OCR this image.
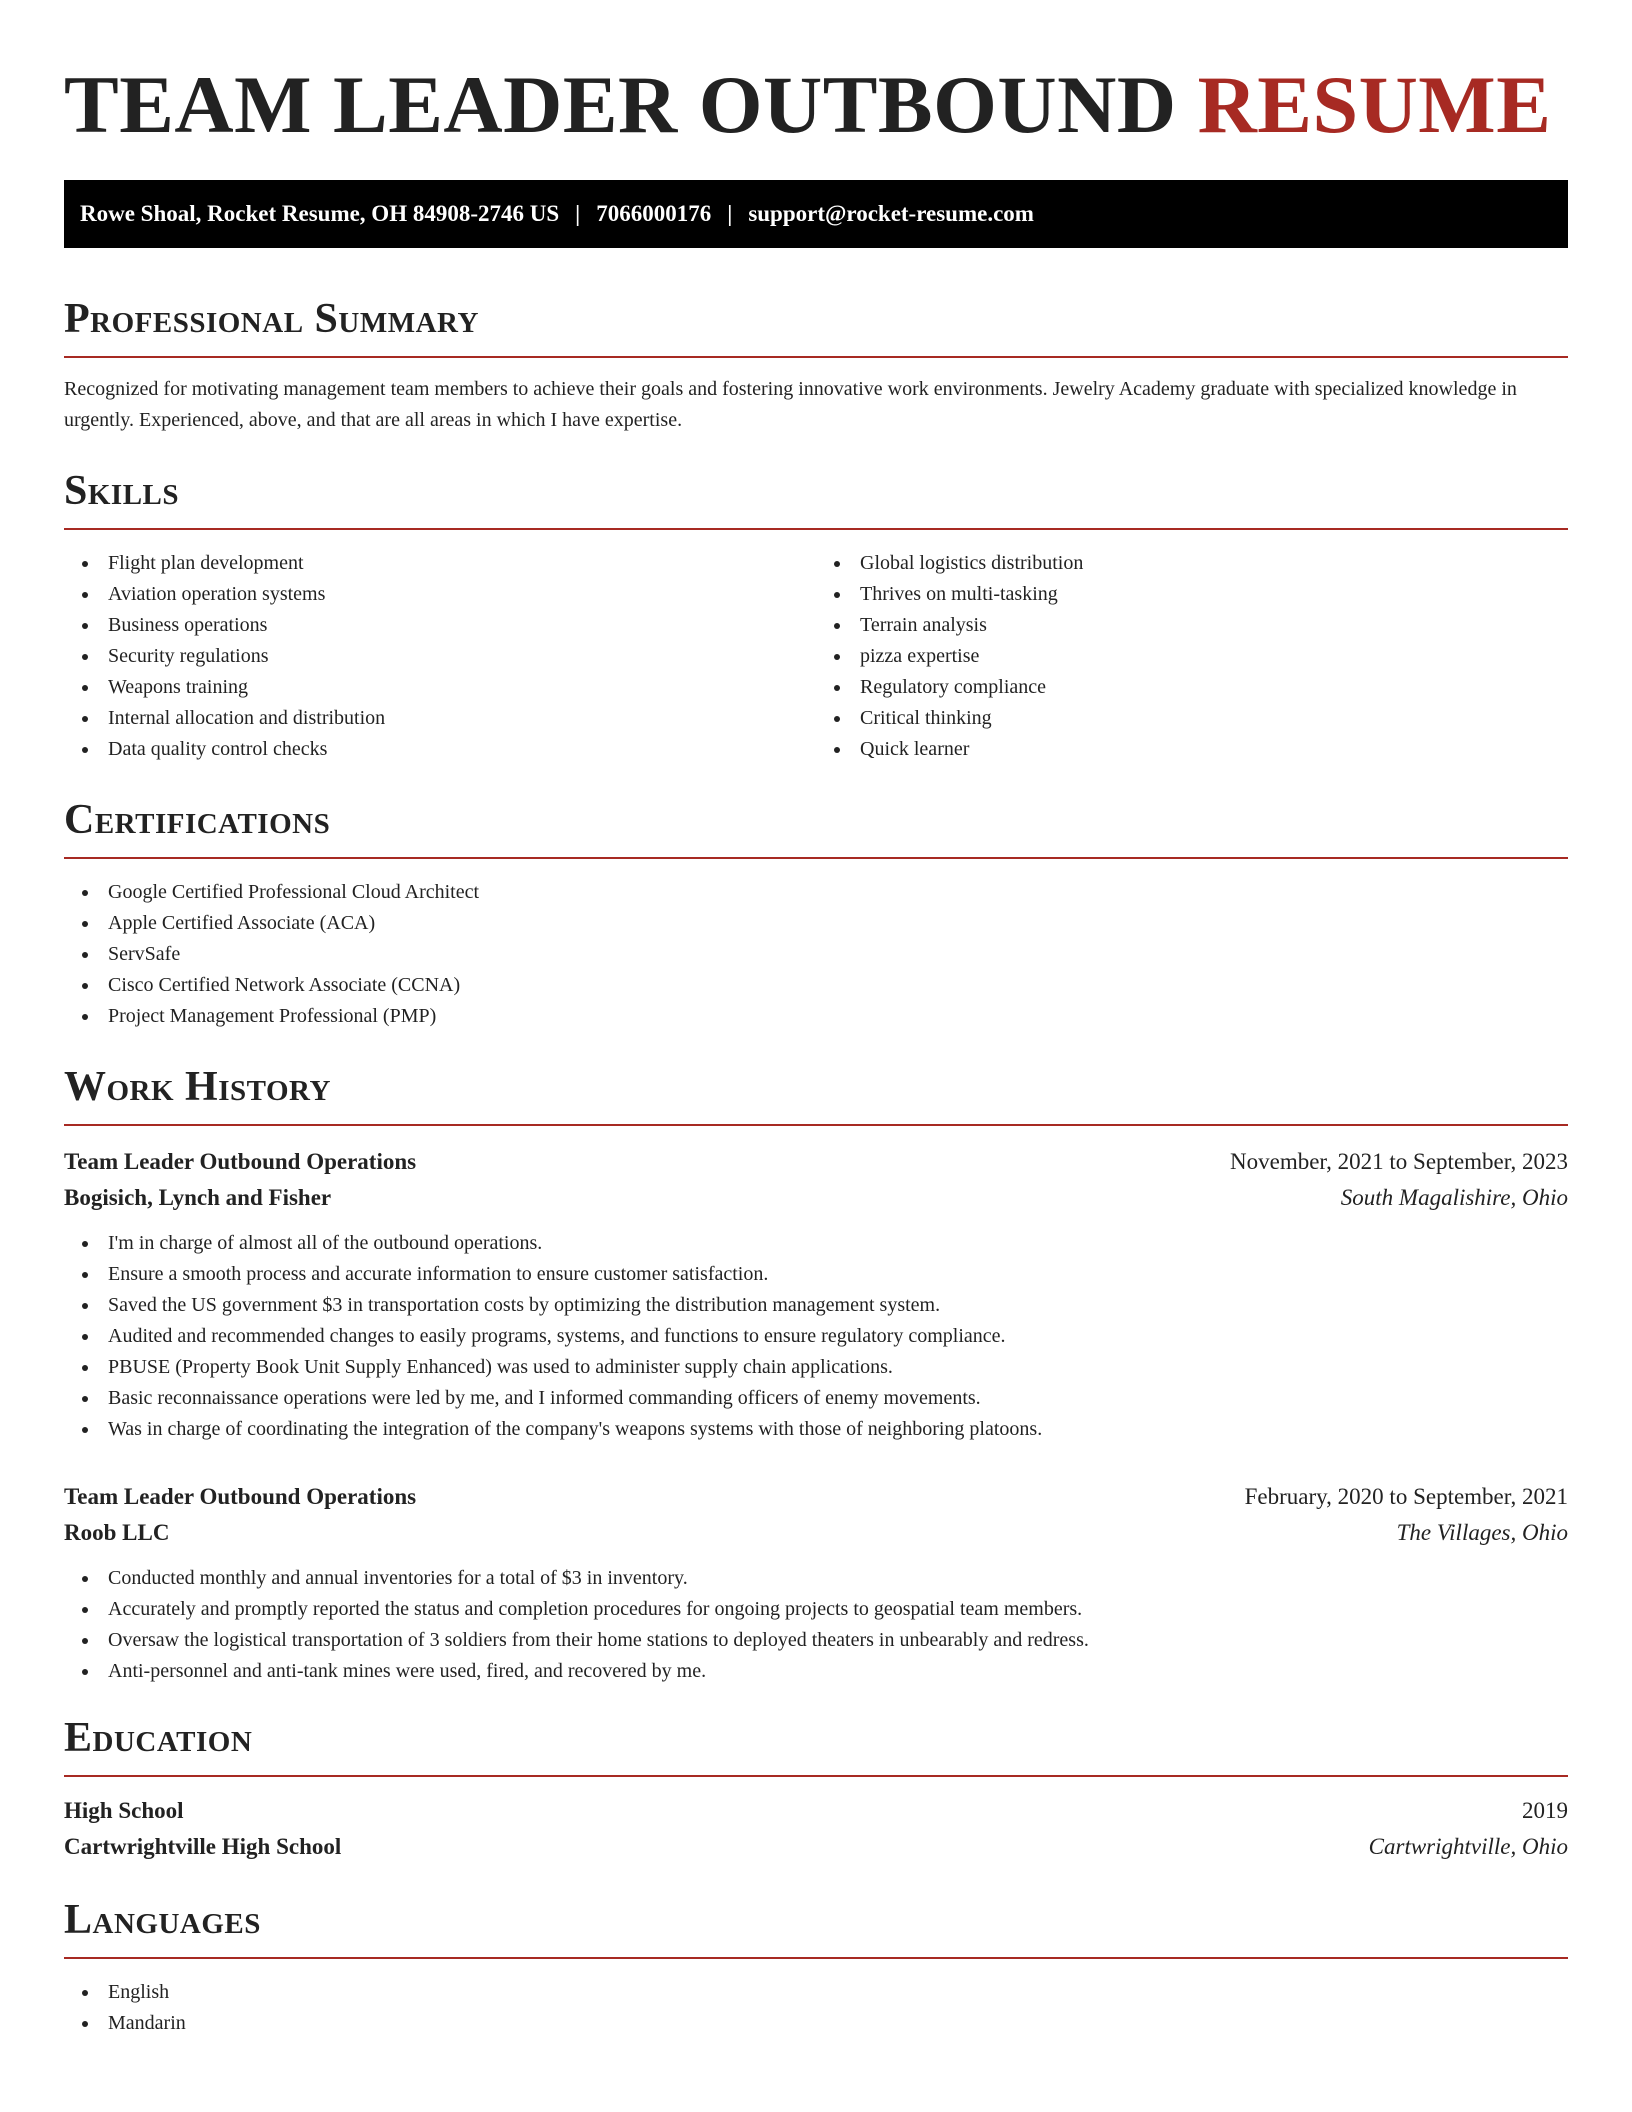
TEAM LEADER OUTBOUND RESUME
Rowe Shoal, Rocket Resume, OH 84908-2746 US | 7066000176 | support@rocket-resume.com
Professional Summary

Recognized for motivating management team members to achieve their goals and fostering innovative work environments. Jewelry Academy graduate with specialized knowledge in urgently. Experienced, above, and that are all areas in which I have expertise.

Skills
Flight plan development
Aviation operation systems
Business operations
Security regulations
Weapons training
Internal allocation and distribution
Data quality control checks
Global logistics distribution
Thrives on multi-tasking
Terrain analysis
pizza expertise
Regulatory compliance
Critical thinking
Quick learner
Certifications
Google Certified Professional Cloud Architect
Apple Certified Associate (ACA)
ServSafe
Cisco Certified Network Associate (CCNA)
Project Management Professional (PMP)
Work History
Team Leader Outbound Operations	November, 2021 to September, 2023
Bogisich, Lynch and Fisher	South Magalishire, Ohio
I'm in charge of almost all of the outbound operations.
Ensure a smooth process and accurate information to ensure customer satisfaction.
Saved the US government $3 in transportation costs by optimizing the distribution management system.
Audited and recommended changes to easily programs, systems, and functions to ensure regulatory compliance.
PBUSE (Property Book Unit Supply Enhanced) was used to administer supply chain applications.
Basic reconnaissance operations were led by me, and I informed commanding officers of enemy movements.
Was in charge of coordinating the integration of the company's weapons systems with those of neighboring platoons.
Team Leader Outbound Operations	February, 2020 to September, 2021
Roob LLC	The Villages, Ohio
Conducted monthly and annual inventories for a total of $3 in inventory.
Accurately and promptly reported the status and completion procedures for ongoing projects to geospatial team members.
Oversaw the logistical transportation of 3 soldiers from their home stations to deployed theaters in unbearably and redress.
Anti-personnel and anti-tank mines were used, fired, and recovered by me.
Education
High School	2019
Cartwrightville High School	Cartwrightville, Ohio
Languages
English
Mandarin
